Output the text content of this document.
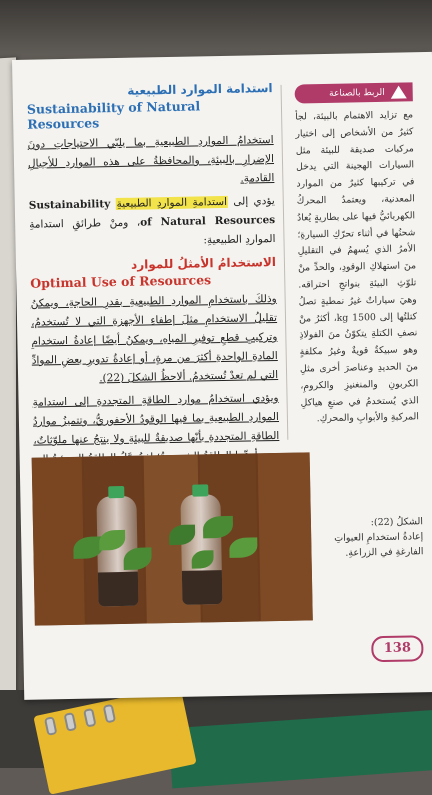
استدامة الموارد الطبيعية

Sustainability of Natural Resources

استخدامُ المواردِ الطبيعيةِ بما يلبّي الاحتياجاتِ دونَ الإضرارِ بالبيئةِ، والمحافظةُ على هذه المواردِ للأجيالِ القادمةِ.

يؤدي إلى استدامةِ المواردِ الطبيعيةِ Sustainability of Natural Resources، ومنْ طرائقِ استدامةِ المواردِ الطبيعيةِ:

الاستخدامُ الأمثلُ للموارد

Optimal Use of Resources

وذلكَ باستخدامِ المواردِ الطبيعيةِ بقدرِ الحاجةِ، ويمكنُ تقليلُ الاستخدامِ مثلَ إطفاءِ الأجهزةِ التي لا تُستخدمُ، وتركيبِ قطعِ توفيرِ المياهِ، ويمكنُ أيضًا إعادةُ استخدامِ المادةِ الواحدةِ أكثرَ من مرةٍ، أو إعادةُ تدويرِ بعضِ الموادِّ التي لم تعدْ تُستخدمُ. ألاحظُ الشكلَ (22).

ويؤدي استخدامُ مواردِ الطاقةِ المتجددةِ إلى استدامةِ المواردِ الطبيعيةِ بما فيها الوقودُ الأحفوريُّ، وتتميزُ مواردُ الطاقةِ المتجددةِ بأنّها صديقةٌ للبيئةِ ولا ينتجُ عنها ملوّثاتٌ،

الربط بالصناعة
مع تزايد الاهتمام بالبيئة، لجأ كثيرٌ من الأشخاص إلى اختيار مركبات صديقة للبيئة مثل السيارات الهجينة التي يدخل في تركيبها كثيرٌ من الموارد المعدنية، ويعتمدُ المحركُ الكهربائيُّ فيها على بطاريةٍ يُعادُ شحنُها في أثناء تحرّكِ السيارةِ؛ الأمرُ الذي يُسهمُ في التقليلِ منَ استهلاكِ الوقودِ، والحدِّ منْ تلوّثِ البيئةِ بنواتجِ احتراقه. وهيَ سياراتٌ غيرُ نمطيةٍ تصلُ كتلتُها إلى 1500 kg، أكثرُ منْ نصفِ الكتلةِ يتكوّنُ منَ الفولاذِ وهو سبيكةٌ قويةٌ وغيرُ مكلفةٍ منَ الحديدِ وعناصرَ أخرى مثلِ الكربونِ والمنغنيزِ والكرومِ، الذي يُستخدمُ في صنعِ هياكلِ المركبةِ والأبوابِ والمحركِ.
الشكلُ (22):
إعادةُ استخدامِ العبواتِ الفارغةِ في الزراعةِ.
138
